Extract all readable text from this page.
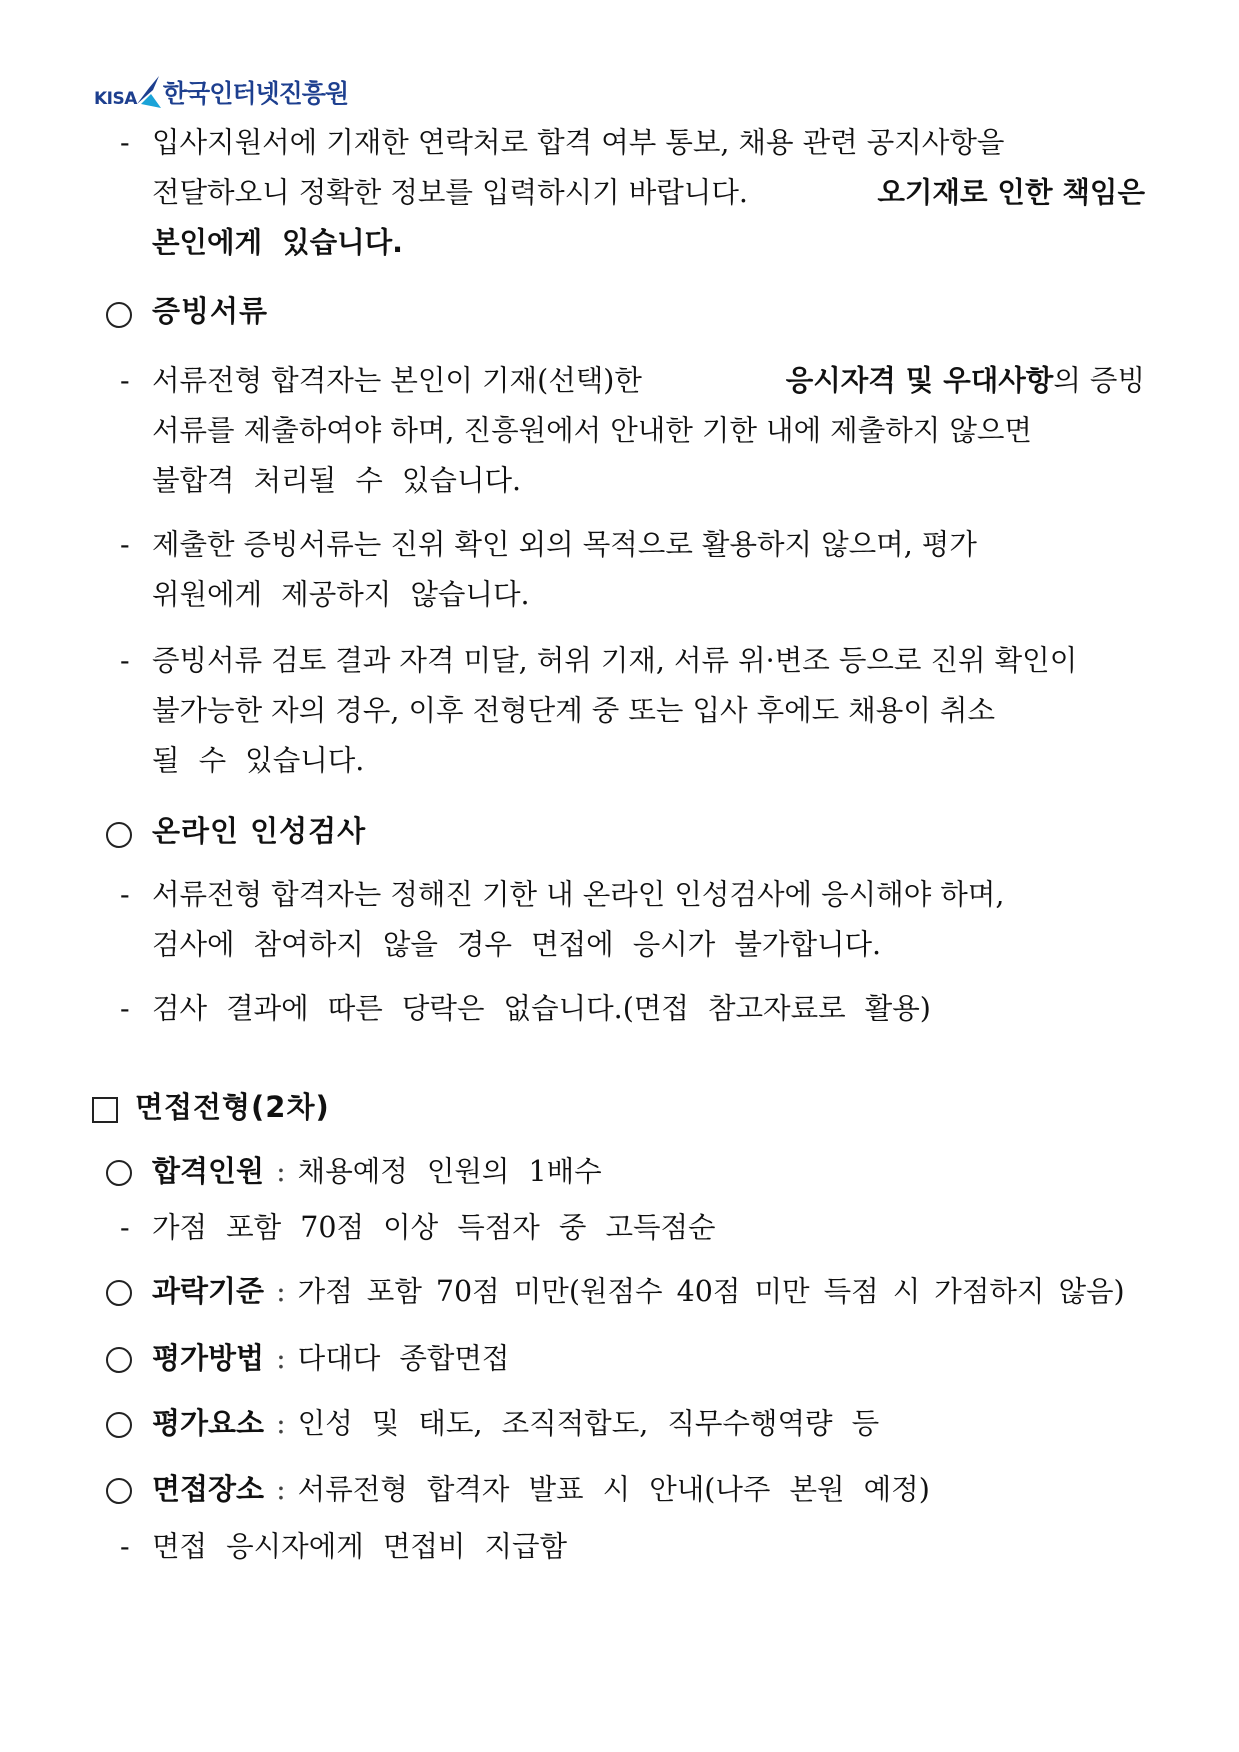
KISA 한국인터넷진흥원
- 입사지원서에 기재한 연락처로 합격 여부 통보, 채용 관련 공지사항을
전달하오니 정확한 정보를 입력하시기 바랍니다.	오기재로 인한 책임은
본인에게 있습니다.
증빙서류
- 서류전형 합격자는 본인이 기재(선택)한	응시자격 및 우대사항의 증빙
서류를 제출하여야 하며, 진흥원에서 안내한 기한 내에 제출하지 않으면
불합격 처리될 수 있습니다.
- 제출한 증빙서류는 진위 확인 외의 목적으로 활용하지 않으며, 평가
위원에게 제공하지 않습니다.
- 증빙서류 검토 결과 자격 미달, 허위 기재, 서류 위·변조 등으로 진위 확인이
불가능한 자의 경우, 이후 전형단계 중 또는 입사 후에도 채용이 취소
될 수 있습니다.
온라인 인성검사
- 서류전형 합격자는 정해진 기한 내 온라인 인성검사에 응시해야 하며,
검사에 참여하지 않을 경우 면접에 응시가 불가합니다.
- 검사 결과에 따른 당락은 없습니다.(면접 참고자료로 활용)
면접전형(2차)
합격인원 : 채용예정 인원의 1배수
- 가점 포함 70점 이상 득점자 중 고득점순
과락기준 : 가점 포함 70점 미만(원점수 40점 미만 득점 시 가점하지 않음)
평가방법 : 다대다 종합면접
평가요소 : 인성 및 태도, 조직적합도, 직무수행역량 등
면접장소 : 서류전형 합격자 발표 시 안내(나주 본원 예정)
- 면접 응시자에게 면접비 지급함
